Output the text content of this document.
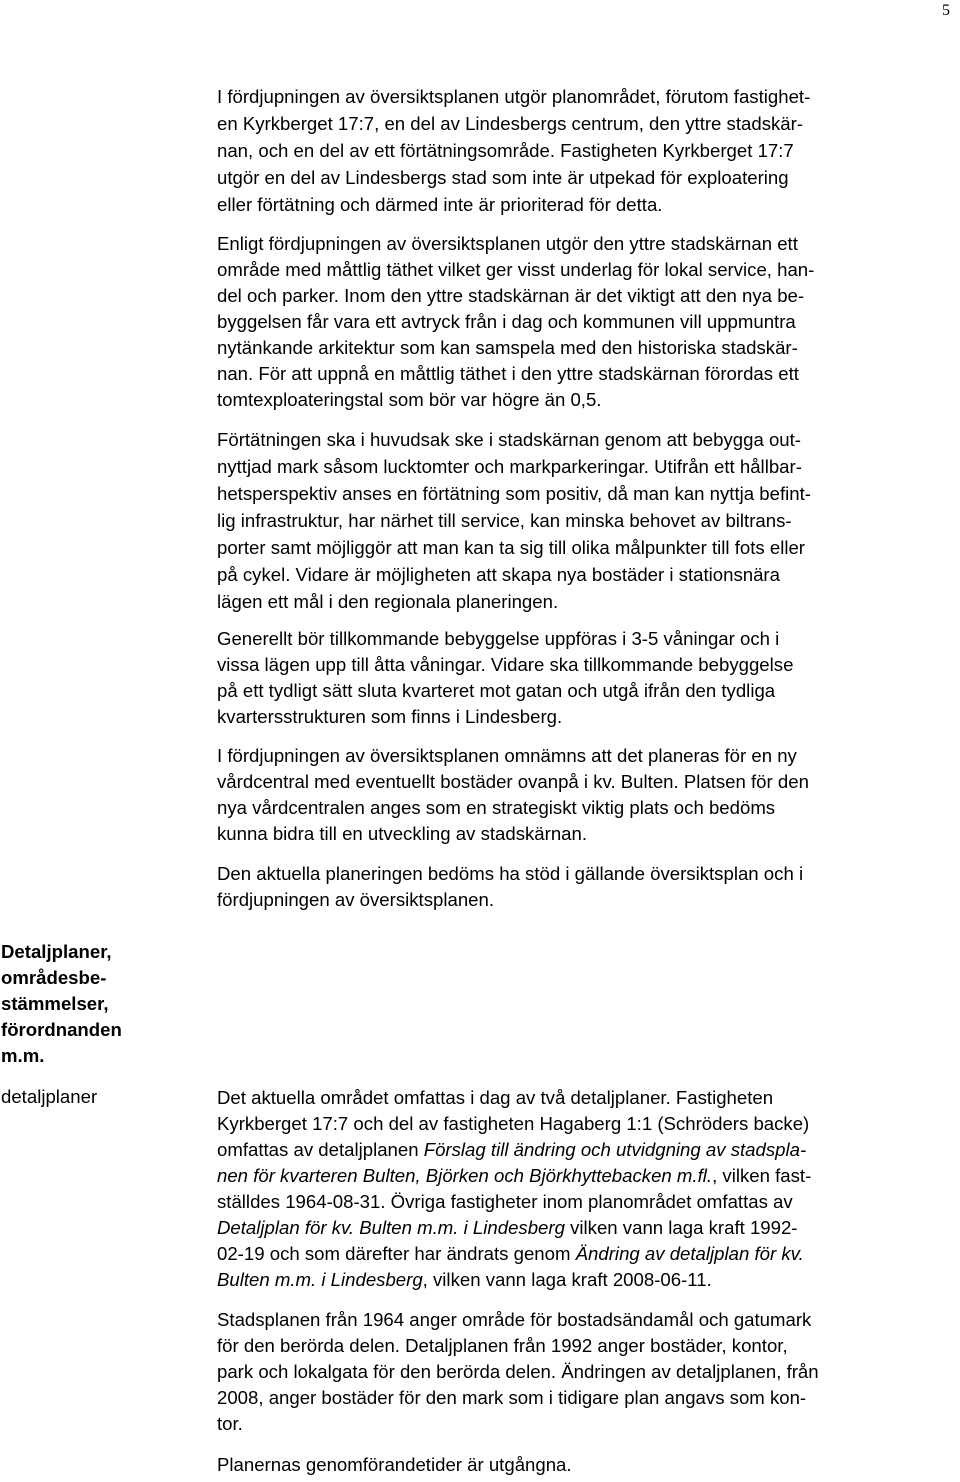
5
I fördjupningen av översiktsplanen utgör planområdet, förutom fastighet-
en Kyrkberget 17:7, en del av Lindesbergs centrum, den yttre stadskär-
nan, och en del av ett förtätningsområde. Fastigheten Kyrkberget 17:7
utgör en del av Lindesbergs stad som inte är utpekad för exploatering
eller förtätning och därmed inte är prioriterad för detta.
Enligt fördjupningen av översiktsplanen utgör den yttre stadskärnan ett
område med måttlig täthet vilket ger visst underlag för lokal service, han-
del och parker. Inom den yttre stadskärnan är det viktigt att den nya be-
byggelsen får vara ett avtryck från i dag och kommunen vill uppmuntra
nytänkande arkitektur som kan samspela med den historiska stadskär-
nan. För att uppnå en måttlig täthet i den yttre stadskärnan förordas ett
tomtexploateringstal som bör var högre än 0,5.
Förtätningen ska i huvudsak ske i stadskärnan genom att bebygga out-
nyttjad mark såsom lucktomter och markparkeringar. Utifrån ett hållbar-
hetsperspektiv anses en förtätning som positiv, då man kan nyttja befint-
lig infrastruktur, har närhet till service, kan minska behovet av biltrans-
porter samt möjliggör att man kan ta sig till olika målpunkter till fots eller
på cykel. Vidare är möjligheten att skapa nya bostäder i stationsnära
lägen ett mål i den regionala planeringen.
Generellt bör tillkommande bebyggelse uppföras i 3-5 våningar och i
vissa lägen upp till åtta våningar. Vidare ska tillkommande bebyggelse
på ett tydligt sätt sluta kvarteret mot gatan och utgå ifrån den tydliga
kvartersstrukturen som finns i Lindesberg.
I fördjupningen av översiktsplanen omnämns att det planeras för en ny
vårdcentral med eventuellt bostäder ovanpå i kv. Bulten. Platsen för den
nya vårdcentralen anges som en strategiskt viktig plats och bedöms
kunna bidra till en utveckling av stadskärnan.
Den aktuella planeringen bedöms ha stöd i gällande översiktsplan och i
fördjupningen av översiktsplanen.
Detaljplaner,
områdesbe-
stämmelser,
förordnanden
m.m.
detaljplaner	Det aktuella området omfattas i dag av två detaljplaner. Fastigheten
Kyrkberget 17:7 och del av fastigheten Hagaberg 1:1 (Schröders backe)
omfattas av detaljplanen Förslag till ändring och utvidgning av stadspla-
nen för kvarteren Bulten, Björken och Björkhyttebacken m.fl., vilken fast-
ställdes 1964-08-31. Övriga fastigheter inom planområdet omfattas av
Detaljplan för kv. Bulten m.m. i Lindesberg vilken vann laga kraft 1992-
02-19 och som därefter har ändrats genom Ändring av detaljplan för kv.
Bulten m.m. i Lindesberg, vilken vann laga kraft 2008-06-11.
Stadsplanen från 1964 anger område för bostadsändamål och gatumark
för den berörda delen. Detaljplanen från 1992 anger bostäder, kontor,
park och lokalgata för den berörda delen. Ändringen av detaljplanen, från
2008, anger bostäder för den mark som i tidigare plan angavs som kon-
tor.
Planernas genomförandetider är utgångna.
